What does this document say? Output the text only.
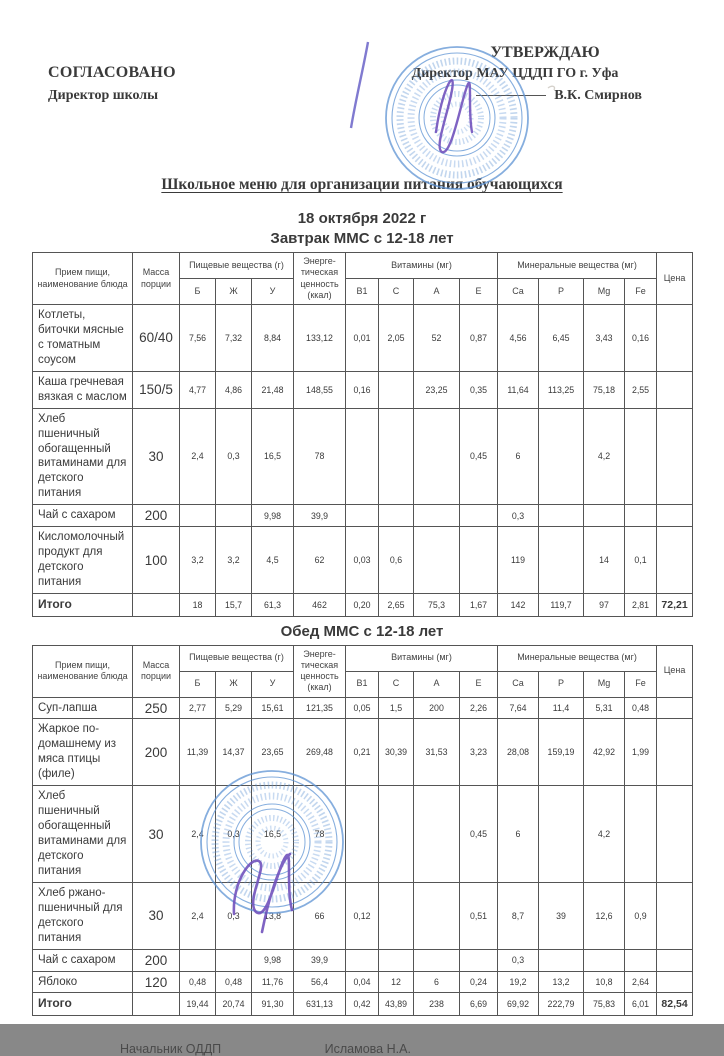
СОГЛАСОВАНО
Директор школы
УТВЕРЖДАЮ
Директор МАУ ЦДДП ГО г. Уфа
В.К. Смирнов
Школьное меню для организации питания обучающихся
18 октября 2022 г
Завтрак ММС с 12-18 лет
Прием пищи, наименование блюда	Масса порции	Пищевые вещества (г)			Энерге-тическая ценность (ккал)	Витамины (мг)				Минеральные вещества (мг)				Цена
		Б	Ж	У		B1	C	A	E	Ca	P	Mg	Fe	
Котлеты, биточки мясные с томатным соусом	60/40	7,56	7,32	8,84	133,12	0,01	2,05	52	0,87	4,56	6,45	3,43	0,16	
Каша гречневая вязкая с маслом	150/5	4,77	4,86	21,48	148,55	0,16		23,25	0,35	11,64	113,25	75,18	2,55	
Хлеб пшеничный обогащенный витаминами для детского питания	30	2,4	0,3	16,5	78				0,45	6		4,2		
Чай с сахаром	200			9,98	39,9					0,3				
Кисломолочный продукт для детского питания	100	3,2	3,2	4,5	62	0,03	0,6			119		14	0,1	
Итого		18	15,7	61,3	462	0,20	2,65	75,3	1,67	142	119,7	97	2,81	72,21
Обед ММС с 12-18 лет
Прием пищи, наименование блюда	Масса порции	Пищевые вещества (г)			Энерге-тическая ценность (ккал)	Витамины (мг)				Минеральные вещества (мг)				Цена
		Б	Ж	У		B1	C	A	E	Ca	P	Mg	Fe	
Суп-лапша	250	2,77	5,29	15,61	121,35	0,05	1,5	200	2,26	7,64	11,4	5,31	0,48	
Жаркое по-домашнему из мяса птицы (филе)	200	11,39	14,37	23,65	269,48	0,21	30,39	31,53	3,23	28,08	159,19	42,92	1,99	
Хлеб пшеничный обогащенный витаминами для детского питания	30	2,4	0,3	16,5	78				0,45	6		4,2		
Хлеб ржано-пшеничный для детского питания	30	2,4	0,3	13,8	66	0,12			0,51	8,7	39	12,6	0,9	
Чай с сахаром	200			9,98	39,9					0,3				
Яблоко	120	0,48	0,48	11,76	56,4	0,04	12	6	0,24	19,2	13,2	10,8	2,64	
Итого		19,44	20,74	91,30	631,13	0,42	43,89	238	6,69	69,92	222,79	75,83	6,01	82,54
Начальник ОДДП	Исламова Н.А.
